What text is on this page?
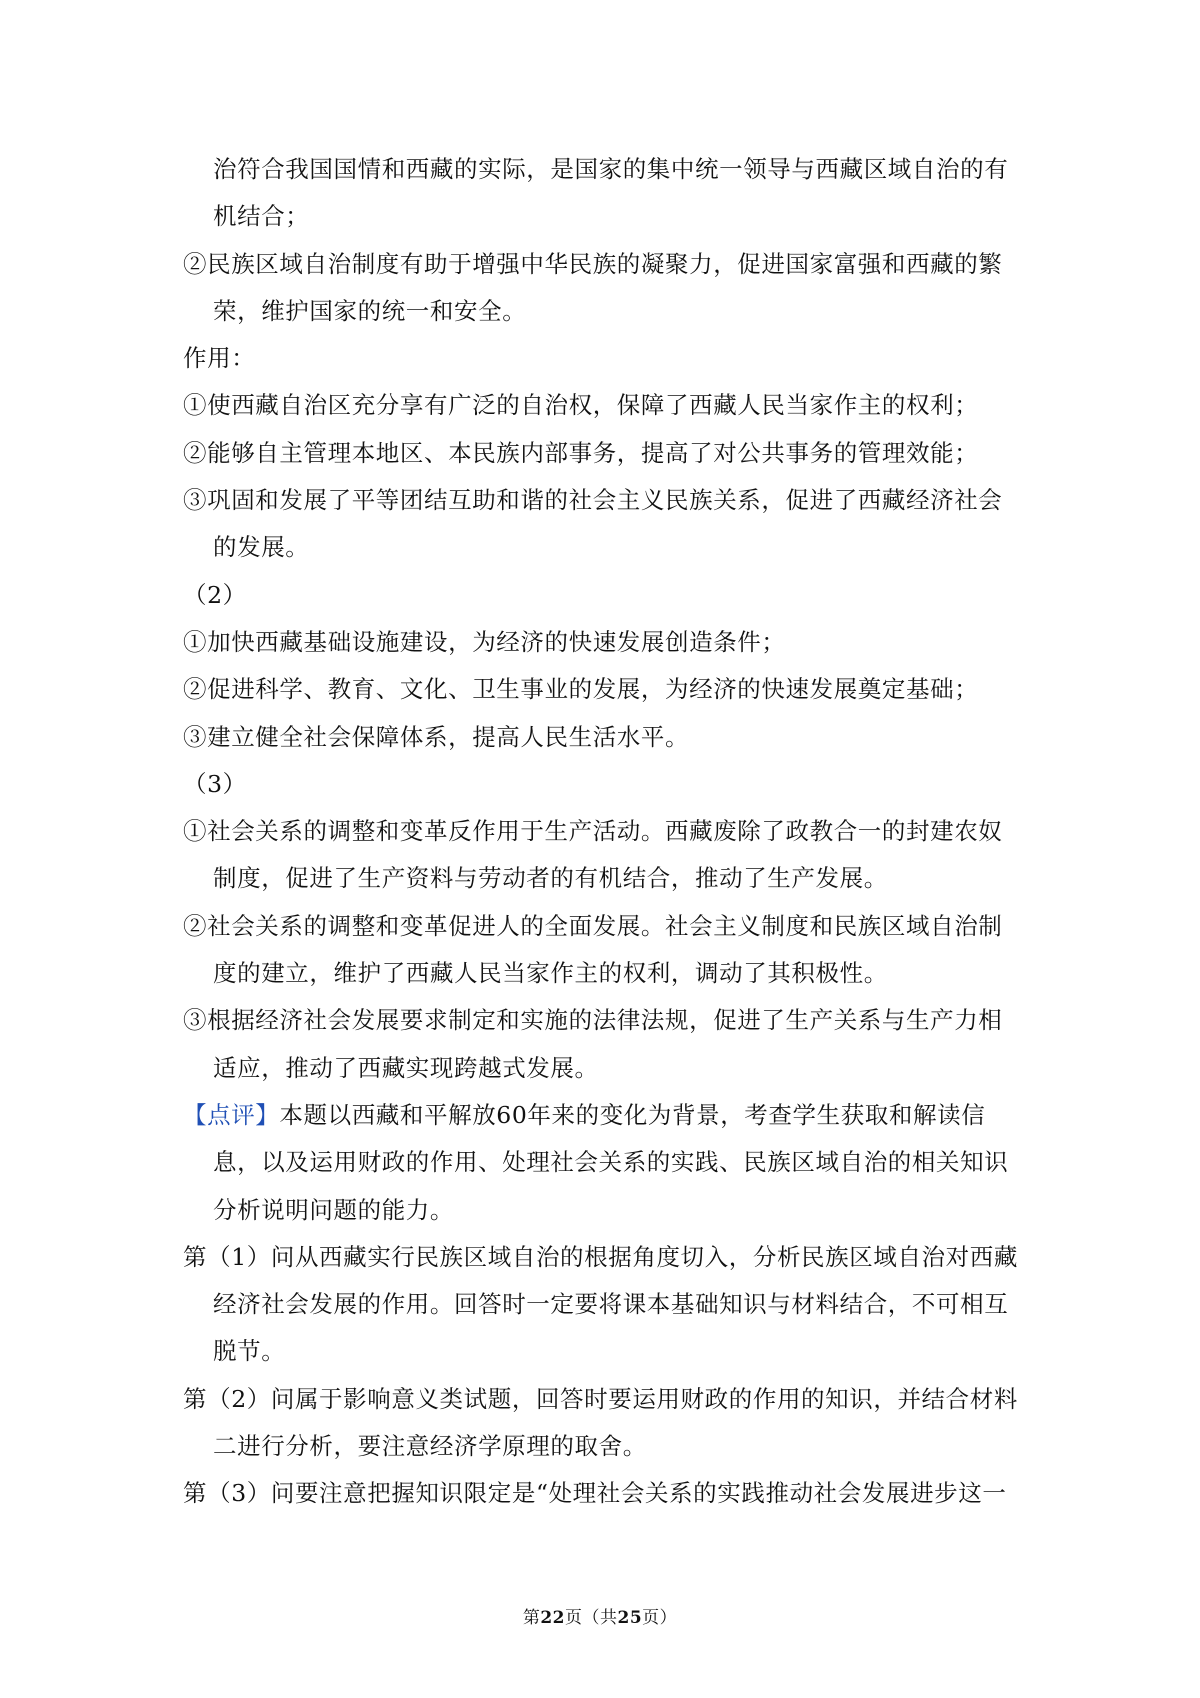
治符合我国国情和西藏的实际，是国家的集中统一领导与西藏区域自治的有
机结合；
②民族区域自治制度有助于增强中华民族的凝聚力，促进国家富强和西藏的繁
荣，维护国家的统一和安全。
作用：
①使西藏自治区充分享有广泛的自治权，保障了西藏人民当家作主的权利；
②能够自主管理本地区、本民族内部事务，提高了对公共事务的管理效能；
③巩固和发展了平等团结互助和谐的社会主义民族关系，促进了西藏经济社会
的发展。
（2）
①加快西藏基础设施建设，为经济的快速发展创造条件；
②促进科学、教育、文化、卫生事业的发展，为经济的快速发展奠定基础；
③建立健全社会保障体系，提高人民生活水平。
（3）
①社会关系的调整和变革反作用于生产活动。西藏废除了政教合一的封建农奴
制度，促进了生产资料与劳动者的有机结合，推动了生产发展。
②社会关系的调整和变革促进人的全面发展。社会主义制度和民族区域自治制
度的建立，维护了西藏人民当家作主的权利，调动了其积极性。
③根据经济社会发展要求制定和实施的法律法规，促进了生产关系与生产力相
适应，推动了西藏实现跨越式发展。
【点评】本题以西藏和平解放60年来的变化为背景，考查学生获取和解读信
息，以及运用财政的作用、处理社会关系的实践、民族区域自治的相关知识
分析说明问题的能力。
第（1）问从西藏实行民族区域自治的根据角度切入，分析民族区域自治对西藏
经济社会发展的作用。回答时一定要将课本基础知识与材料结合，不可相互
脱节。
第（2）问属于影响意义类试题，回答时要运用财政的作用的知识，并结合材料
二进行分析，要注意经济学原理的取舍。
第（3）问要注意把握知识限定是“处理社会关系的实践推动社会发展进步这一
第22页（共25页）
